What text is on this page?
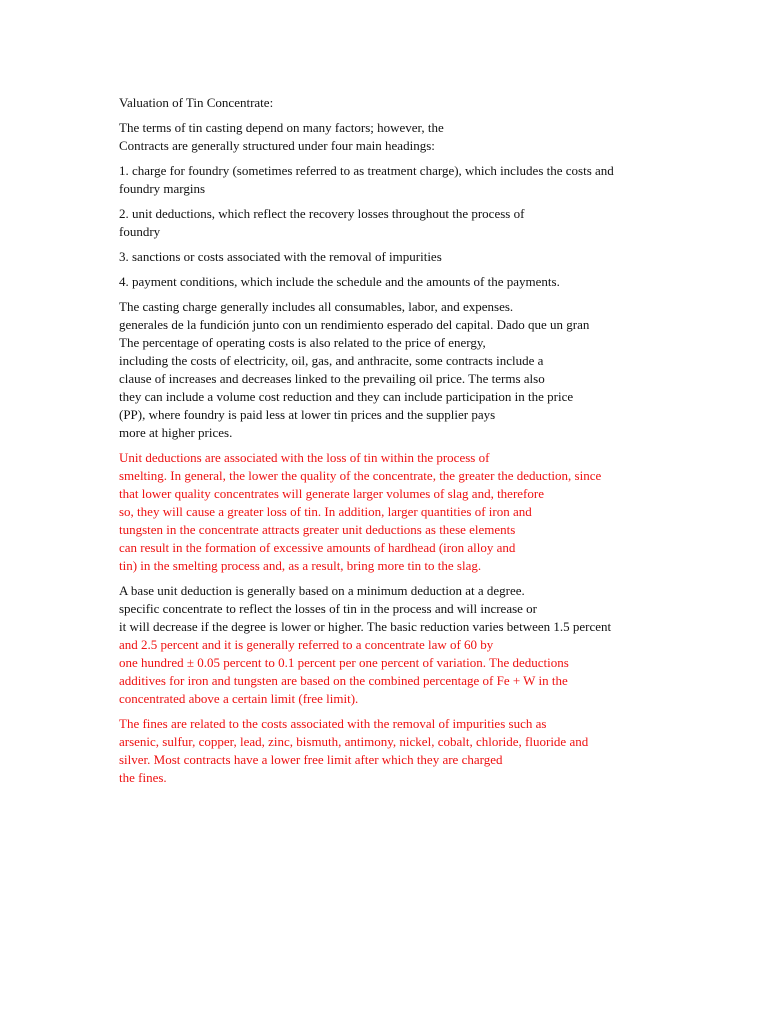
Valuation of Tin Concentrate:
The terms of tin casting depend on many factors; however, the
Contracts are generally structured under four main headings:
1. charge for foundry (sometimes referred to as treatment charge), which includes the costs and
foundry margins
2. unit deductions, which reflect the recovery losses throughout the process of
foundry
3. sanctions or costs associated with the removal of impurities
4. payment conditions, which include the schedule and the amounts of the payments.
The casting charge generally includes all consumables, labor, and expenses.
generales de la fundición junto con un rendimiento esperado del capital. Dado que un gran
The percentage of operating costs is also related to the price of energy,
including the costs of electricity, oil, gas, and anthracite, some contracts include a
clause of increases and decreases linked to the prevailing oil price. The terms also
they can include a volume cost reduction and they can include participation in the price
(PP), where foundry is paid less at lower tin prices and the supplier pays
more at higher prices.
Unit deductions are associated with the loss of tin within the process of
smelting. In general, the lower the quality of the concentrate, the greater the deduction, since
that lower quality concentrates will generate larger volumes of slag and, therefore
so, they will cause a greater loss of tin. In addition, larger quantities of iron and
tungsten in the concentrate attracts greater unit deductions as these elements
can result in the formation of excessive amounts of hardhead (iron alloy and
tin) in the smelting process and, as a result, bring more tin to the slag.
A base unit deduction is generally based on a minimum deduction at a degree.
specific concentrate to reflect the losses of tin in the process and will increase or
it will decrease if the degree is lower or higher. The basic reduction varies between 1.5 percent
and 2.5 percent and it is generally referred to a concentrate law of 60 by
one hundred ± 0.05 percent to 0.1 percent per one percent of variation. The deductions
additives for iron and tungsten are based on the combined percentage of Fe + W in the
concentrated above a certain limit (free limit).
The fines are related to the costs associated with the removal of impurities such as
arsenic, sulfur, copper, lead, zinc, bismuth, antimony, nickel, cobalt, chloride, fluoride and
silver. Most contracts have a lower free limit after which they are charged
the fines.
